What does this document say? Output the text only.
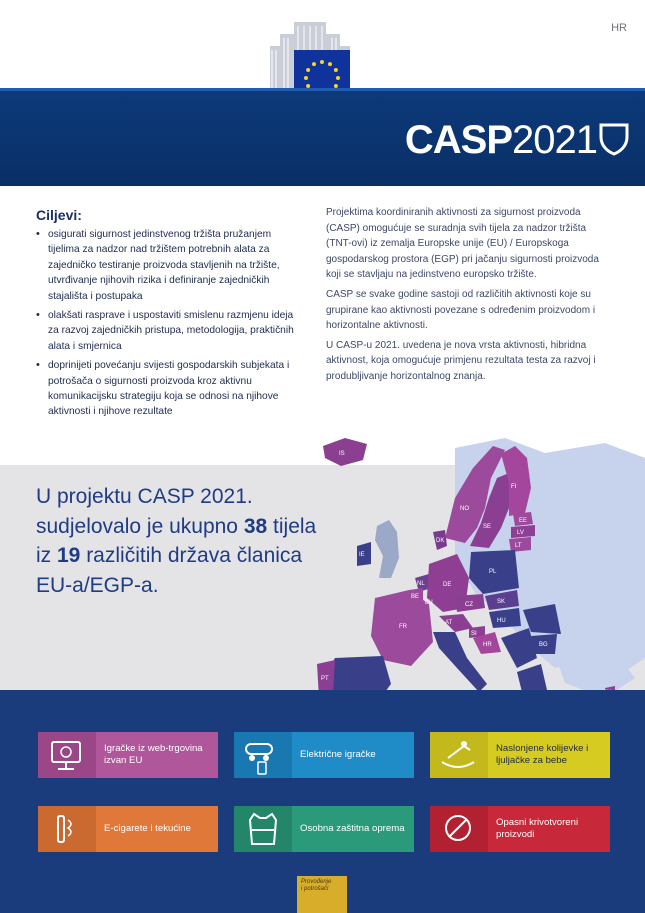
HR
CASP2021
Ciljevi:
• osigurati sigurnost jedinstvenog tržišta pružanjem tijelima za nadzor nad tržištem potrebnih alata za zajedničko testiranje proizvoda stavljenih na tržište, utvrđivanje njihovih rizika i definiranje zajedničkih stajališta i postupaka
• olakšati rasprave i uspostaviti smislenu razmjenu ideja za razvoj zajedničkih pristupa, metodologija, praktičnih alata i smjernica
• doprinijeti povećanju svijesti gospodarskih subjekata i potrošača o sigurnosti proizvoda kroz aktivnu komunikacijsku strategiju koja se odnosi na njihove aktivnosti i njihove rezultate

Projektima koordiniranih aktivnosti za sigurnost proizvoda (CASP) omogućuje se suradnja svih tijela za nadzor tržišta (TNT-ovi) iz zemalja Europske unije (EU) / Europskoga gospodarskog prostora (EGP) pri jačanju sigurnosti proizvoda koji se stavljaju na jedinstveno europsko tržište.

CASP se svake godine sastoji od različitih aktivnosti koje su grupirane kao aktivnosti povezane s određenim proizvodom i horizontalne aktivnosti.

U CASP-u 2021. uvedena je nova vrsta aktivnosti, hibridna aktivnost, koja omogućuje primjenu rezultata testa za razvoj i produbljivanje horizontalnog znanja.

U projektu CASP 2021. sudjelovalo je ukupno 38 tijela iz 19 različitih država članica EU-a/EGP-a.
IS
NO
SE
FI
DK
EE
LV
LT
IE
NL	DE
PL
BE
LU	CZ	SK
AT	HU
FR
SI
HR	BG
PT
Igračke iz web-trgovina izvan EU
Električne igračke
Naslonjene kolijevke i ljuljačke za bebe
E-cigarete i tekućine	Osobna zaštitna oprema
Opasni krivotvoreni proizvodi
Provođenje
i potrošači
